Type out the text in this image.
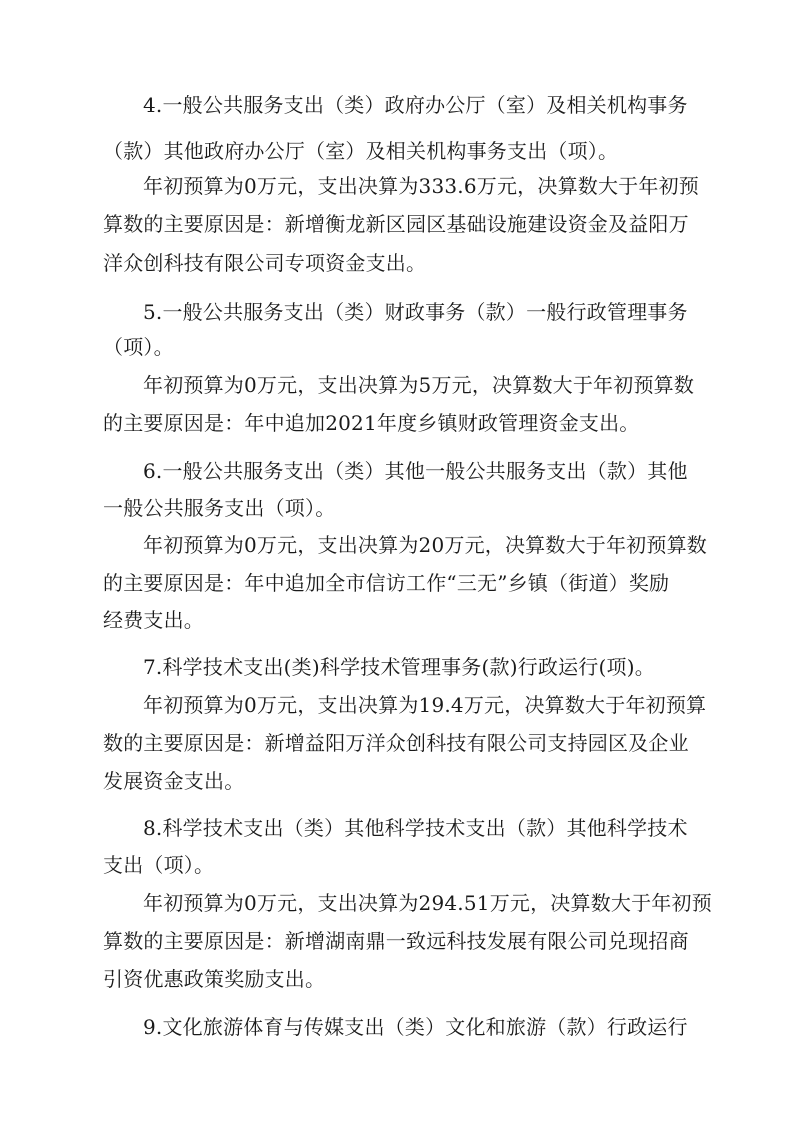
4.一般公共服务支出（类）政府办公厅（室）及相关机构事务
（款）其他政府办公厅（室）及相关机构事务支出（项）。
年初预算为0万元，支出决算为333.6万元，决算数大于年初预
算数的主要原因是：新增衡龙新区园区基础设施建设资金及益阳万
洋众创科技有限公司专项资金支出。
5.一般公共服务支出（类）财政事务（款）一般行政管理事务
（项）。
年初预算为0万元，支出决算为5万元，决算数大于年初预算数
的主要原因是：年中追加2021年度乡镇财政管理资金支出。
6.一般公共服务支出（类）其他一般公共服务支出（款）其他
一般公共服务支出（项）。
年初预算为0万元，支出决算为20万元，决算数大于年初预算数
的主要原因是：年中追加全市信访工作“三无”乡镇（街道）奖励
经费支出。
7.科学技术支出(类)科学技术管理事务(款)行政运行(项)。
年初预算为0万元，支出决算为19.4万元，决算数大于年初预算
数的主要原因是：新增益阳万洋众创科技有限公司支持园区及企业
发展资金支出。
8.科学技术支出（类）其他科学技术支出（款）其他科学技术
支出（项）。
年初预算为0万元，支出决算为294.51万元，决算数大于年初预
算数的主要原因是：新增湖南鼎一致远科技发展有限公司兑现招商
引资优惠政策奖励支出。
9.文化旅游体育与传媒支出（类）文化和旅游（款）行政运行
